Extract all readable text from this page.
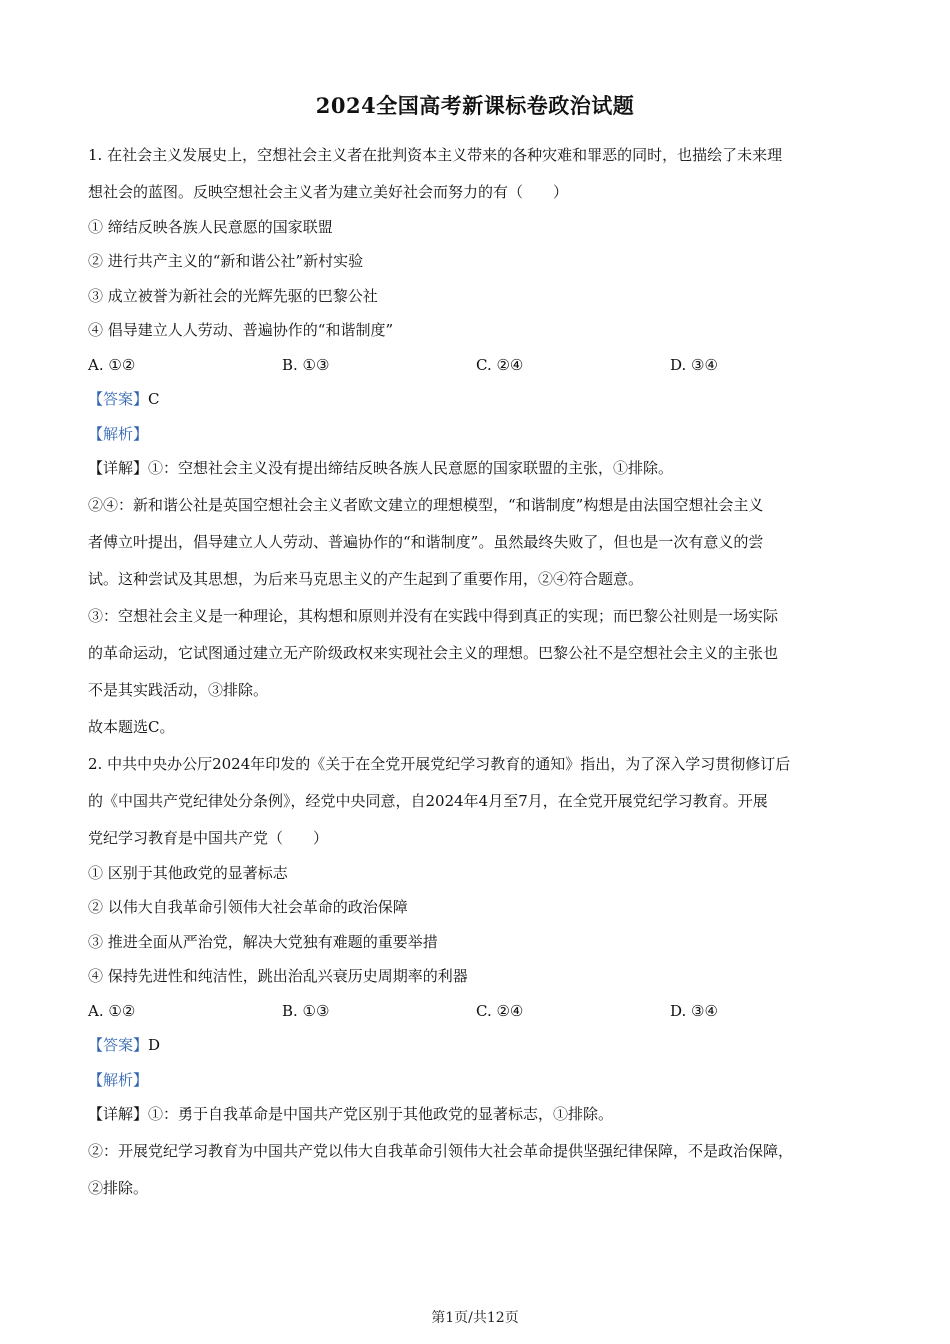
2024全国高考新课标卷政治试题
1. 在社会主义发展史上，空想社会主义者在批判资本主义带来的各种灾难和罪恶的同时，也描绘了未来理
想社会的蓝图。反映空想社会主义者为建立美好社会而努力的有（　　）
① 缔结反映各族人民意愿的国家联盟
② 进行共产主义的“新和谐公社”新村实验
③ 成立被誉为新社会的光辉先驱的巴黎公社
④ 倡导建立人人劳动、普遍协作的“和谐制度”
A. ①②	B. ①③	C. ②④	D. ③④
【答案】C
【解析】
【详解】①：空想社会主义没有提出缔结反映各族人民意愿的国家联盟的主张，①排除。
②④：新和谐公社是英国空想社会主义者欧文建立的理想模型，“和谐制度”构想是由法国空想社会主义
者傅立叶提出，倡导建立人人劳动、普遍协作的“和谐制度”。虽然最终失败了，但也是一次有意义的尝
试。这种尝试及其思想，为后来马克思主义的产生起到了重要作用，②④符合题意。
③：空想社会主义是一种理论，其构想和原则并没有在实践中得到真正的实现；而巴黎公社则是一场实际
的革命运动，它试图通过建立无产阶级政权来实现社会主义的理想。巴黎公社不是空想社会主义的主张也
不是其实践活动，③排除。
故本题选C。
2. 中共中央办公厅2024年印发的《关于在全党开展党纪学习教育的通知》指出，为了深入学习贯彻修订后
的《中国共产党纪律处分条例》，经党中央同意，自2024年4月至7月，在全党开展党纪学习教育。开展
党纪学习教育是中国共产党（　　）
① 区别于其他政党的显著标志
② 以伟大自我革命引领伟大社会革命的政治保障
③ 推进全面从严治党，解决大党独有难题的重要举措
④ 保持先进性和纯洁性，跳出治乱兴衰历史周期率的利器
A. ①②	B. ①③	C. ②④	D. ③④
【答案】D
【解析】
【详解】①：勇于自我革命是中国共产党区别于其他政党的显著标志，①排除。
②：开展党纪学习教育为中国共产党以伟大自我革命引领伟大社会革命提供坚强纪律保障，不是政治保障，
②排除。
第1页/共12页
